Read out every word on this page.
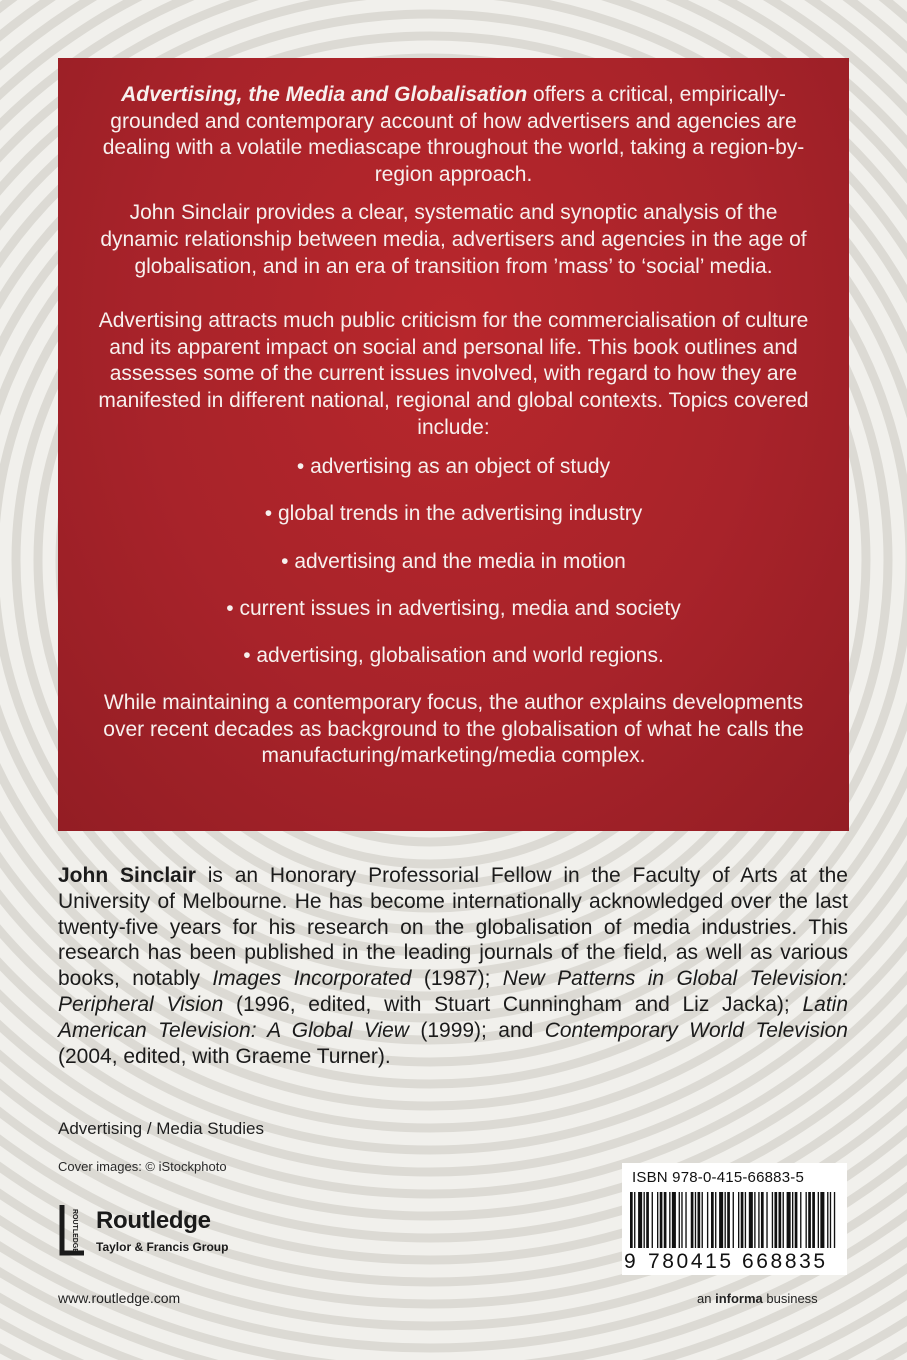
Advertising, the Media and Globalisation offers a critical, empirically-grounded and contemporary account of how advertisers and agencies are dealing with a volatile mediascape throughout the world, taking a region-by-region approach.

John Sinclair provides a clear, systematic and synoptic analysis of the dynamic relationship between media, advertisers and agencies in the age of globalisation, and in an era of transition from ’mass’ to ‘social’ media.

Advertising attracts much public criticism for the commercialisation of culture and its apparent impact on social and personal life. This book outlines and assesses some of the current issues involved, with regard to how they are manifested in different national, regional and global contexts. Topics covered include:

• advertising as an object of study
• global trends in the advertising industry
• advertising and the media in motion
• current issues in advertising, media and society
• advertising, globalisation and world regions.

While maintaining a contemporary focus, the author explains developments over recent decades as background to the globalisation of what he calls the manufacturing/marketing/media complex.

John Sinclair is an Honorary Professorial Fellow in the Faculty of Arts at the University of Melbourne. He has become internationally acknowledged over the last twenty-five years for his research on the globalisation of media industries. This research has been published in the leading journals of the field, as well as various books, notably Images Incorporated (1987); New Patterns in Global Television: Peripheral Vision (1996, edited, with Stuart Cunningham and Liz Jacka); Latin American Television: A Global View (1999); and Contemporary World Television (2004, edited, with Graeme Turner).

Advertising / Media Studies
Cover images: © iStockphoto
ROUTLEDGE Routledge
Taylor & Francis Group
www.routledge.com
ISBN 978-0-415-66883-5
9 780415 668835
an informa business
